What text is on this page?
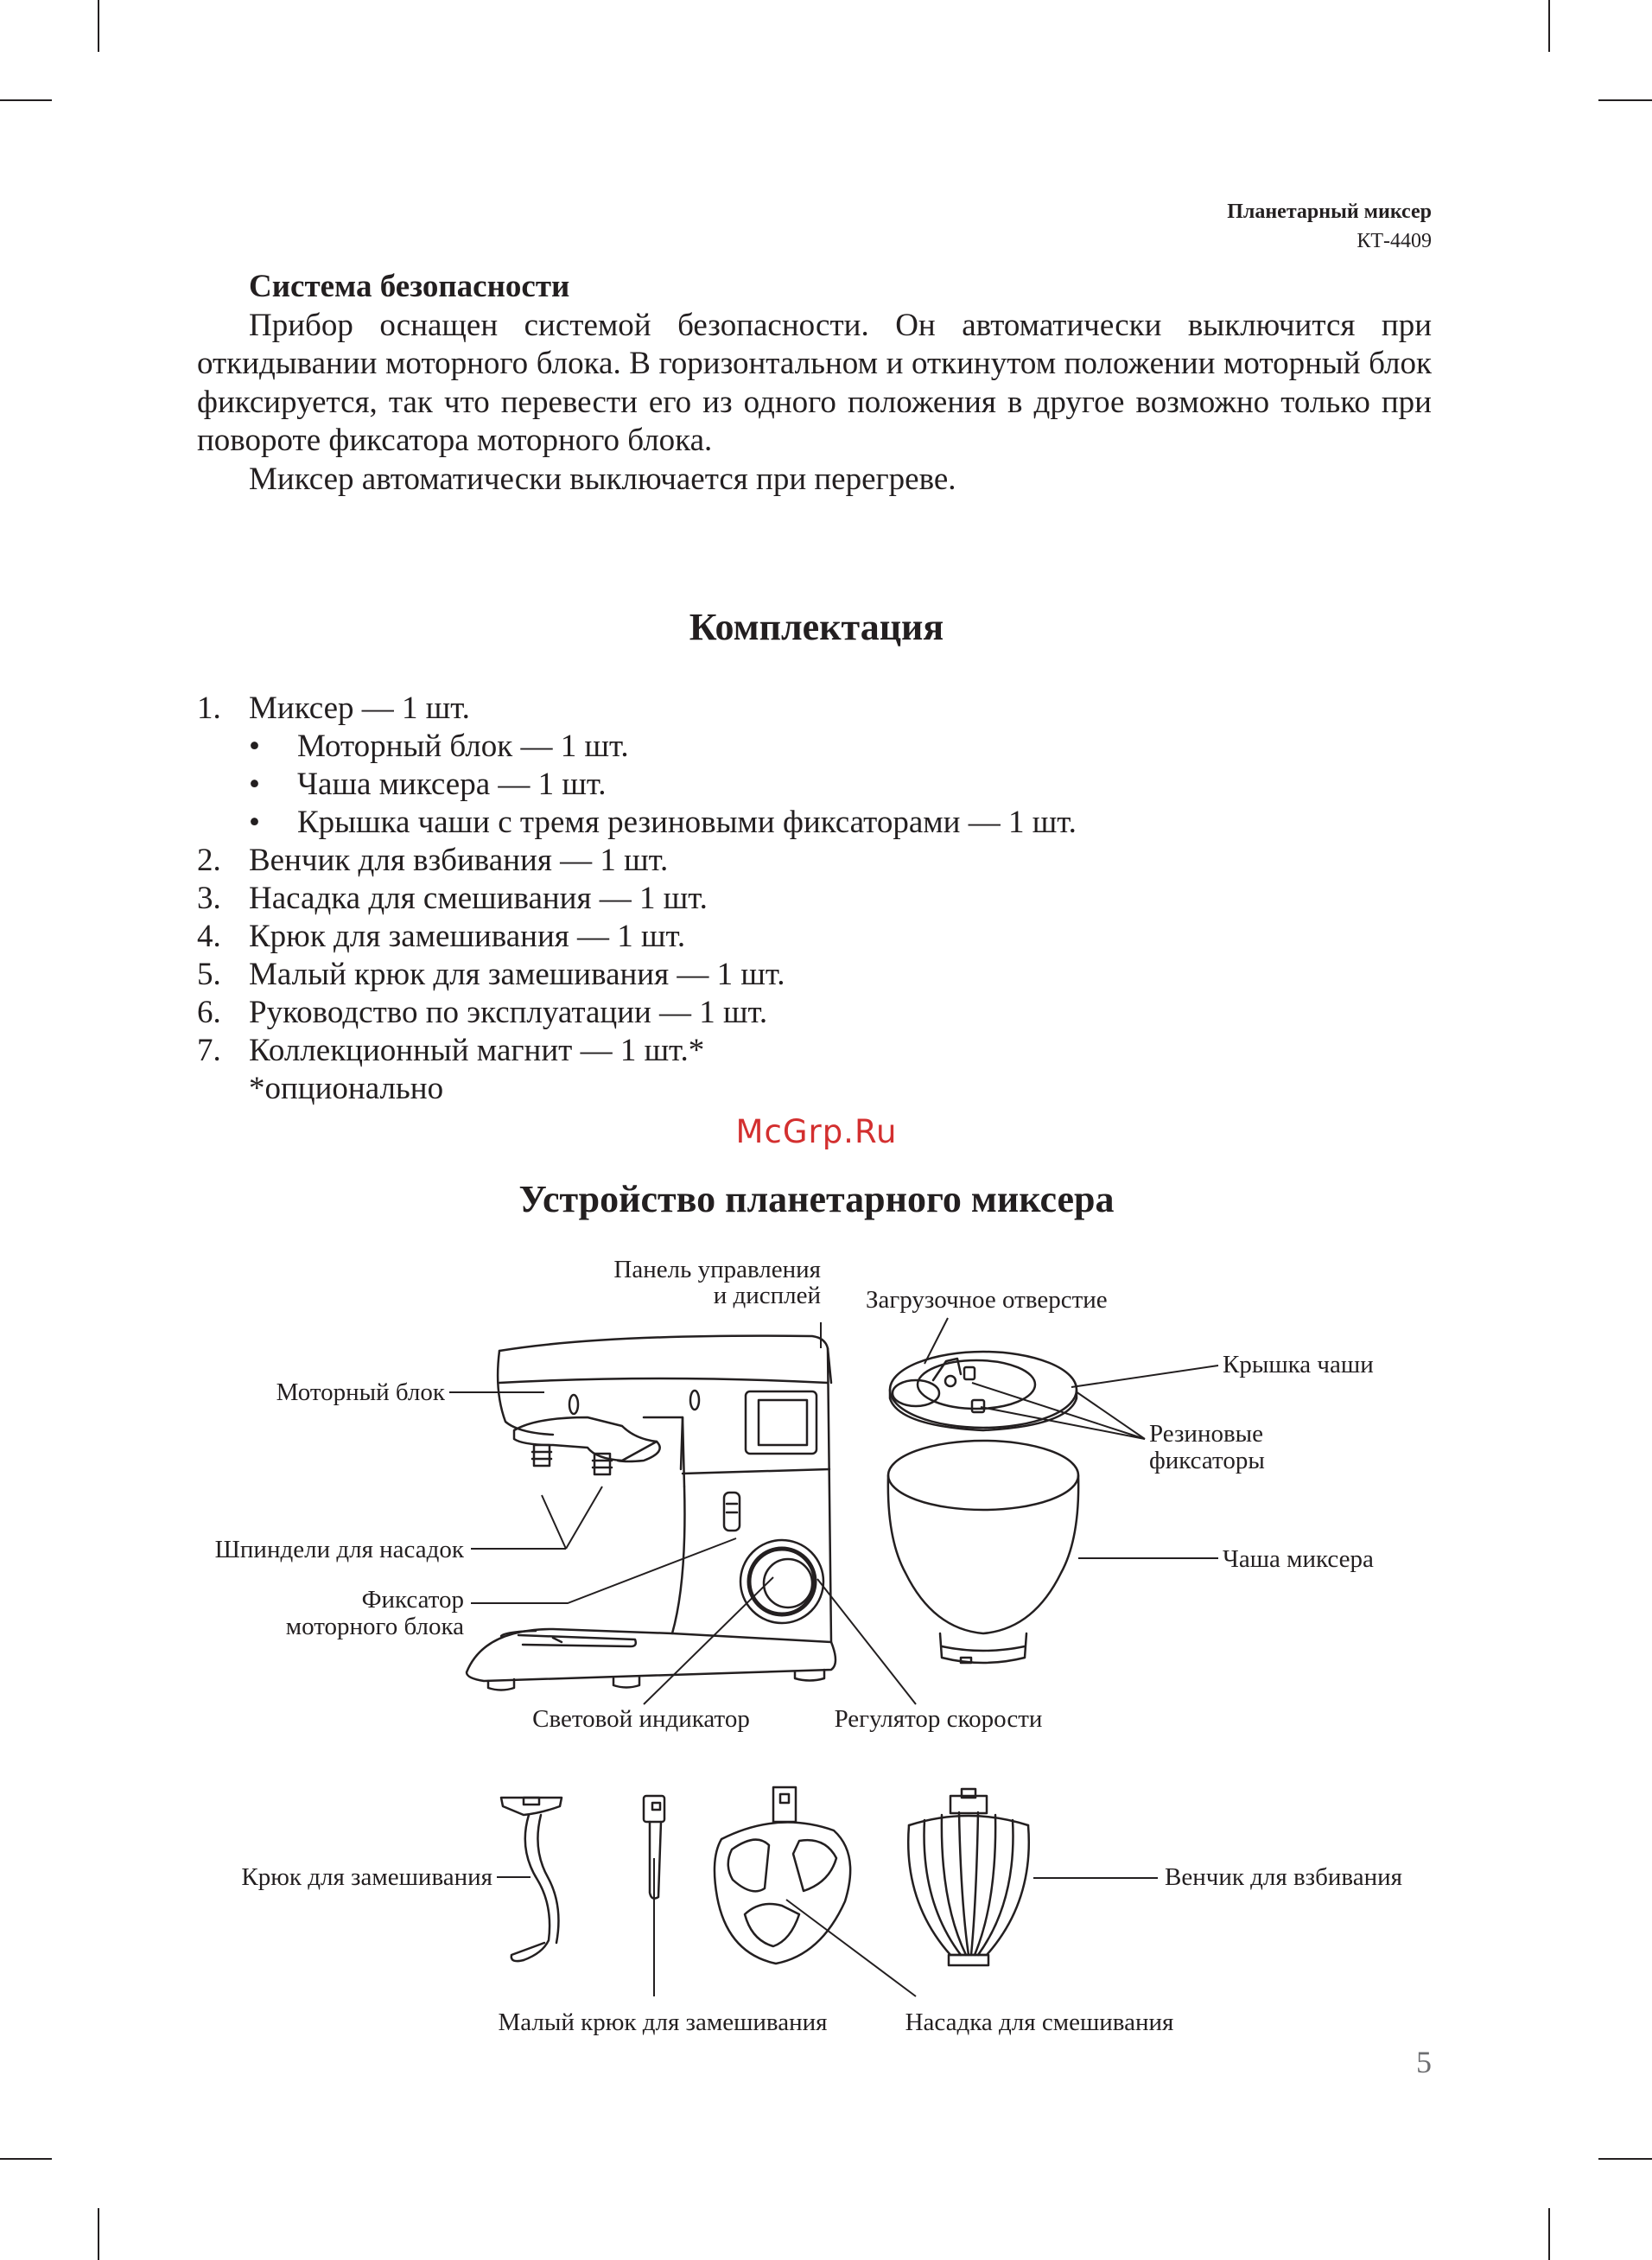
Планетарный миксер
КТ-4409
Система безопасности

Прибор оснащен системой безопасности. Он автоматически выключится при откидывании моторного блока. В горизонтальном и откинутом положении моторный блок фиксируется, так что перевести его из одного положения в другое возможно только при повороте фиксатора моторного блока.

Миксер автоматически выключается при перегреве.

Комплектация
1. Миксер — 1 шт.
• Моторный блок — 1 шт.
• Чаша миксера — 1 шт.
• Крышка чаши с тремя резиновыми фиксаторами — 1 шт.
2. Венчик для взбивания — 1 шт.
3. Насадка для смешивания — 1 шт.
4. Крюк для замешивания — 1 шт.
5. Малый крюк для замешивания — 1 шт.
6. Руководство по эксплуатации — 1 шт.
7. Коллекционный магнит — 1 шт.*
*опционально
McGrp.Ru
Устройство планетарного миксера
Панель управления
и дисплей Загрузочное отверстие
Крышка чаши
Моторный блок
Резиновые
фиксаторы
Чаша миксера
Шпиндели для насадок
Фиксатор
моторного блока
Световой индикатор	Регулятор скорости
Крюк для замешивания	Венчик для взбивания
Малый крюк для замешивания	Насадка для смешивания
5
